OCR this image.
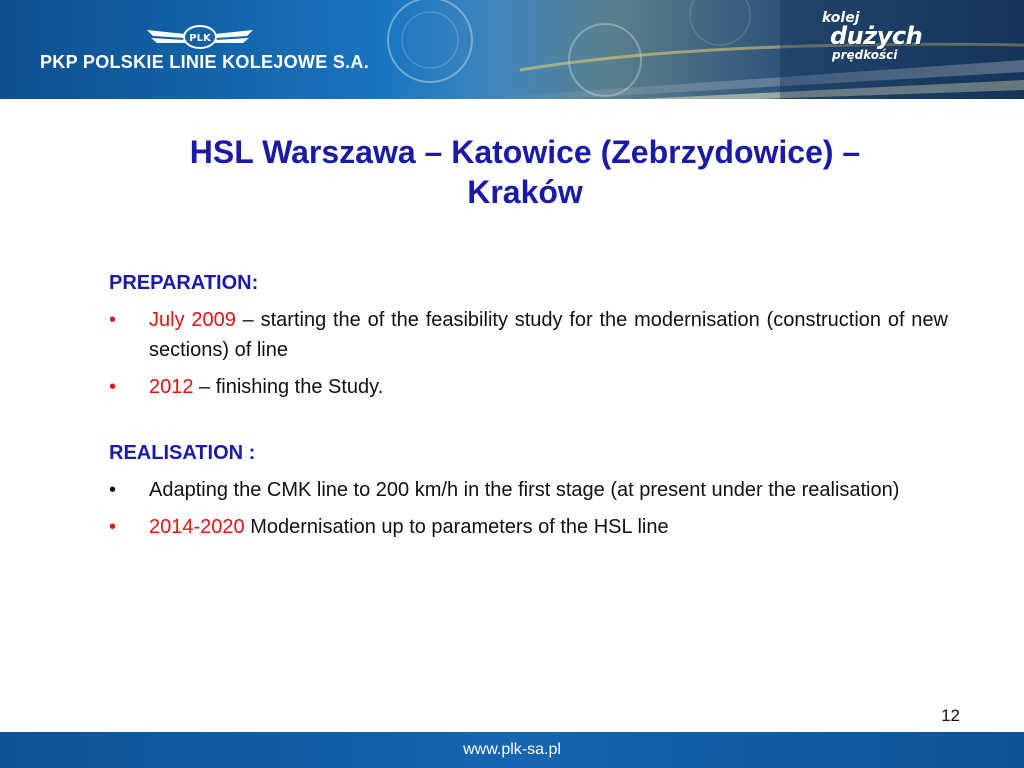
PLK
PKP POLSKIE LINIE KOLEJOWE S.A.
kolej
dużych
prędkości
HSL Warszawa – Katowice (Zebrzydowice) –
Kraków

PREPARATION:

• July 2009 – starting the of the feasibility study for the modernisation (construction of new sections) of line
• 2012 – finishing the Study.

REALISATION :

• Adapting the CMK line to 200 km/h in the first stage (at present under the realisation)
• 2014-2020 Modernisation up to parameters of the HSL line
12
www.plk-sa.pl
